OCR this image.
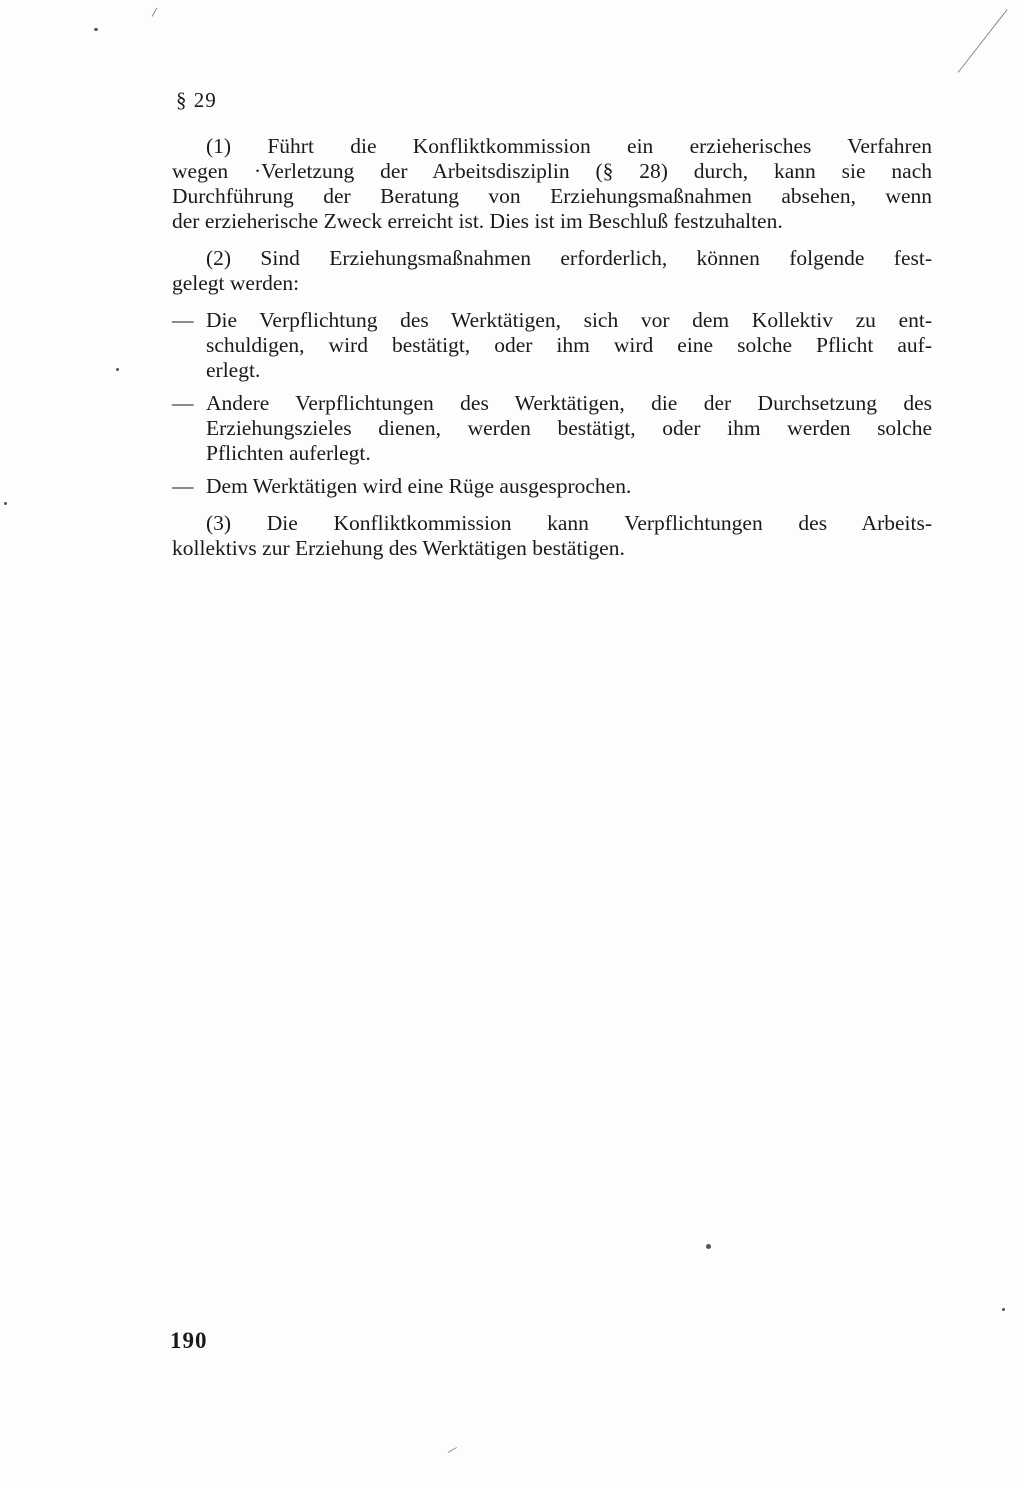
§ 29
(1) Führt die Konfliktkommission ein erzieherisches Verfahren
wegen ·Verletzung der Arbeitsdisziplin (§ 28) durch, kann sie nach
Durchführung der Beratung von Erziehungsmaßnahmen absehen, wenn
der erzieherische Zweck erreicht ist. Dies ist im Beschluß festzuhalten.
(2) Sind Erziehungsmaßnahmen erforderlich, können folgende fest-
gelegt werden:
— Die Verpflichtung des Werktätigen, sich vor dem Kollektiv zu ent-
schuldigen, wird bestätigt, oder ihm wird eine solche Pflicht auf-
erlegt.
— Andere Verpflichtungen des Werktätigen, die der Durchsetzung des
Erziehungszieles dienen, werden bestätigt, oder ihm werden solche
Pflichten auferlegt.
— Dem Werktätigen wird eine Rüge ausgesprochen.
(3) Die Konfliktkommission kann Verpflichtungen des Arbeits-
kollektivs zur Erziehung des Werktätigen bestätigen.
190
